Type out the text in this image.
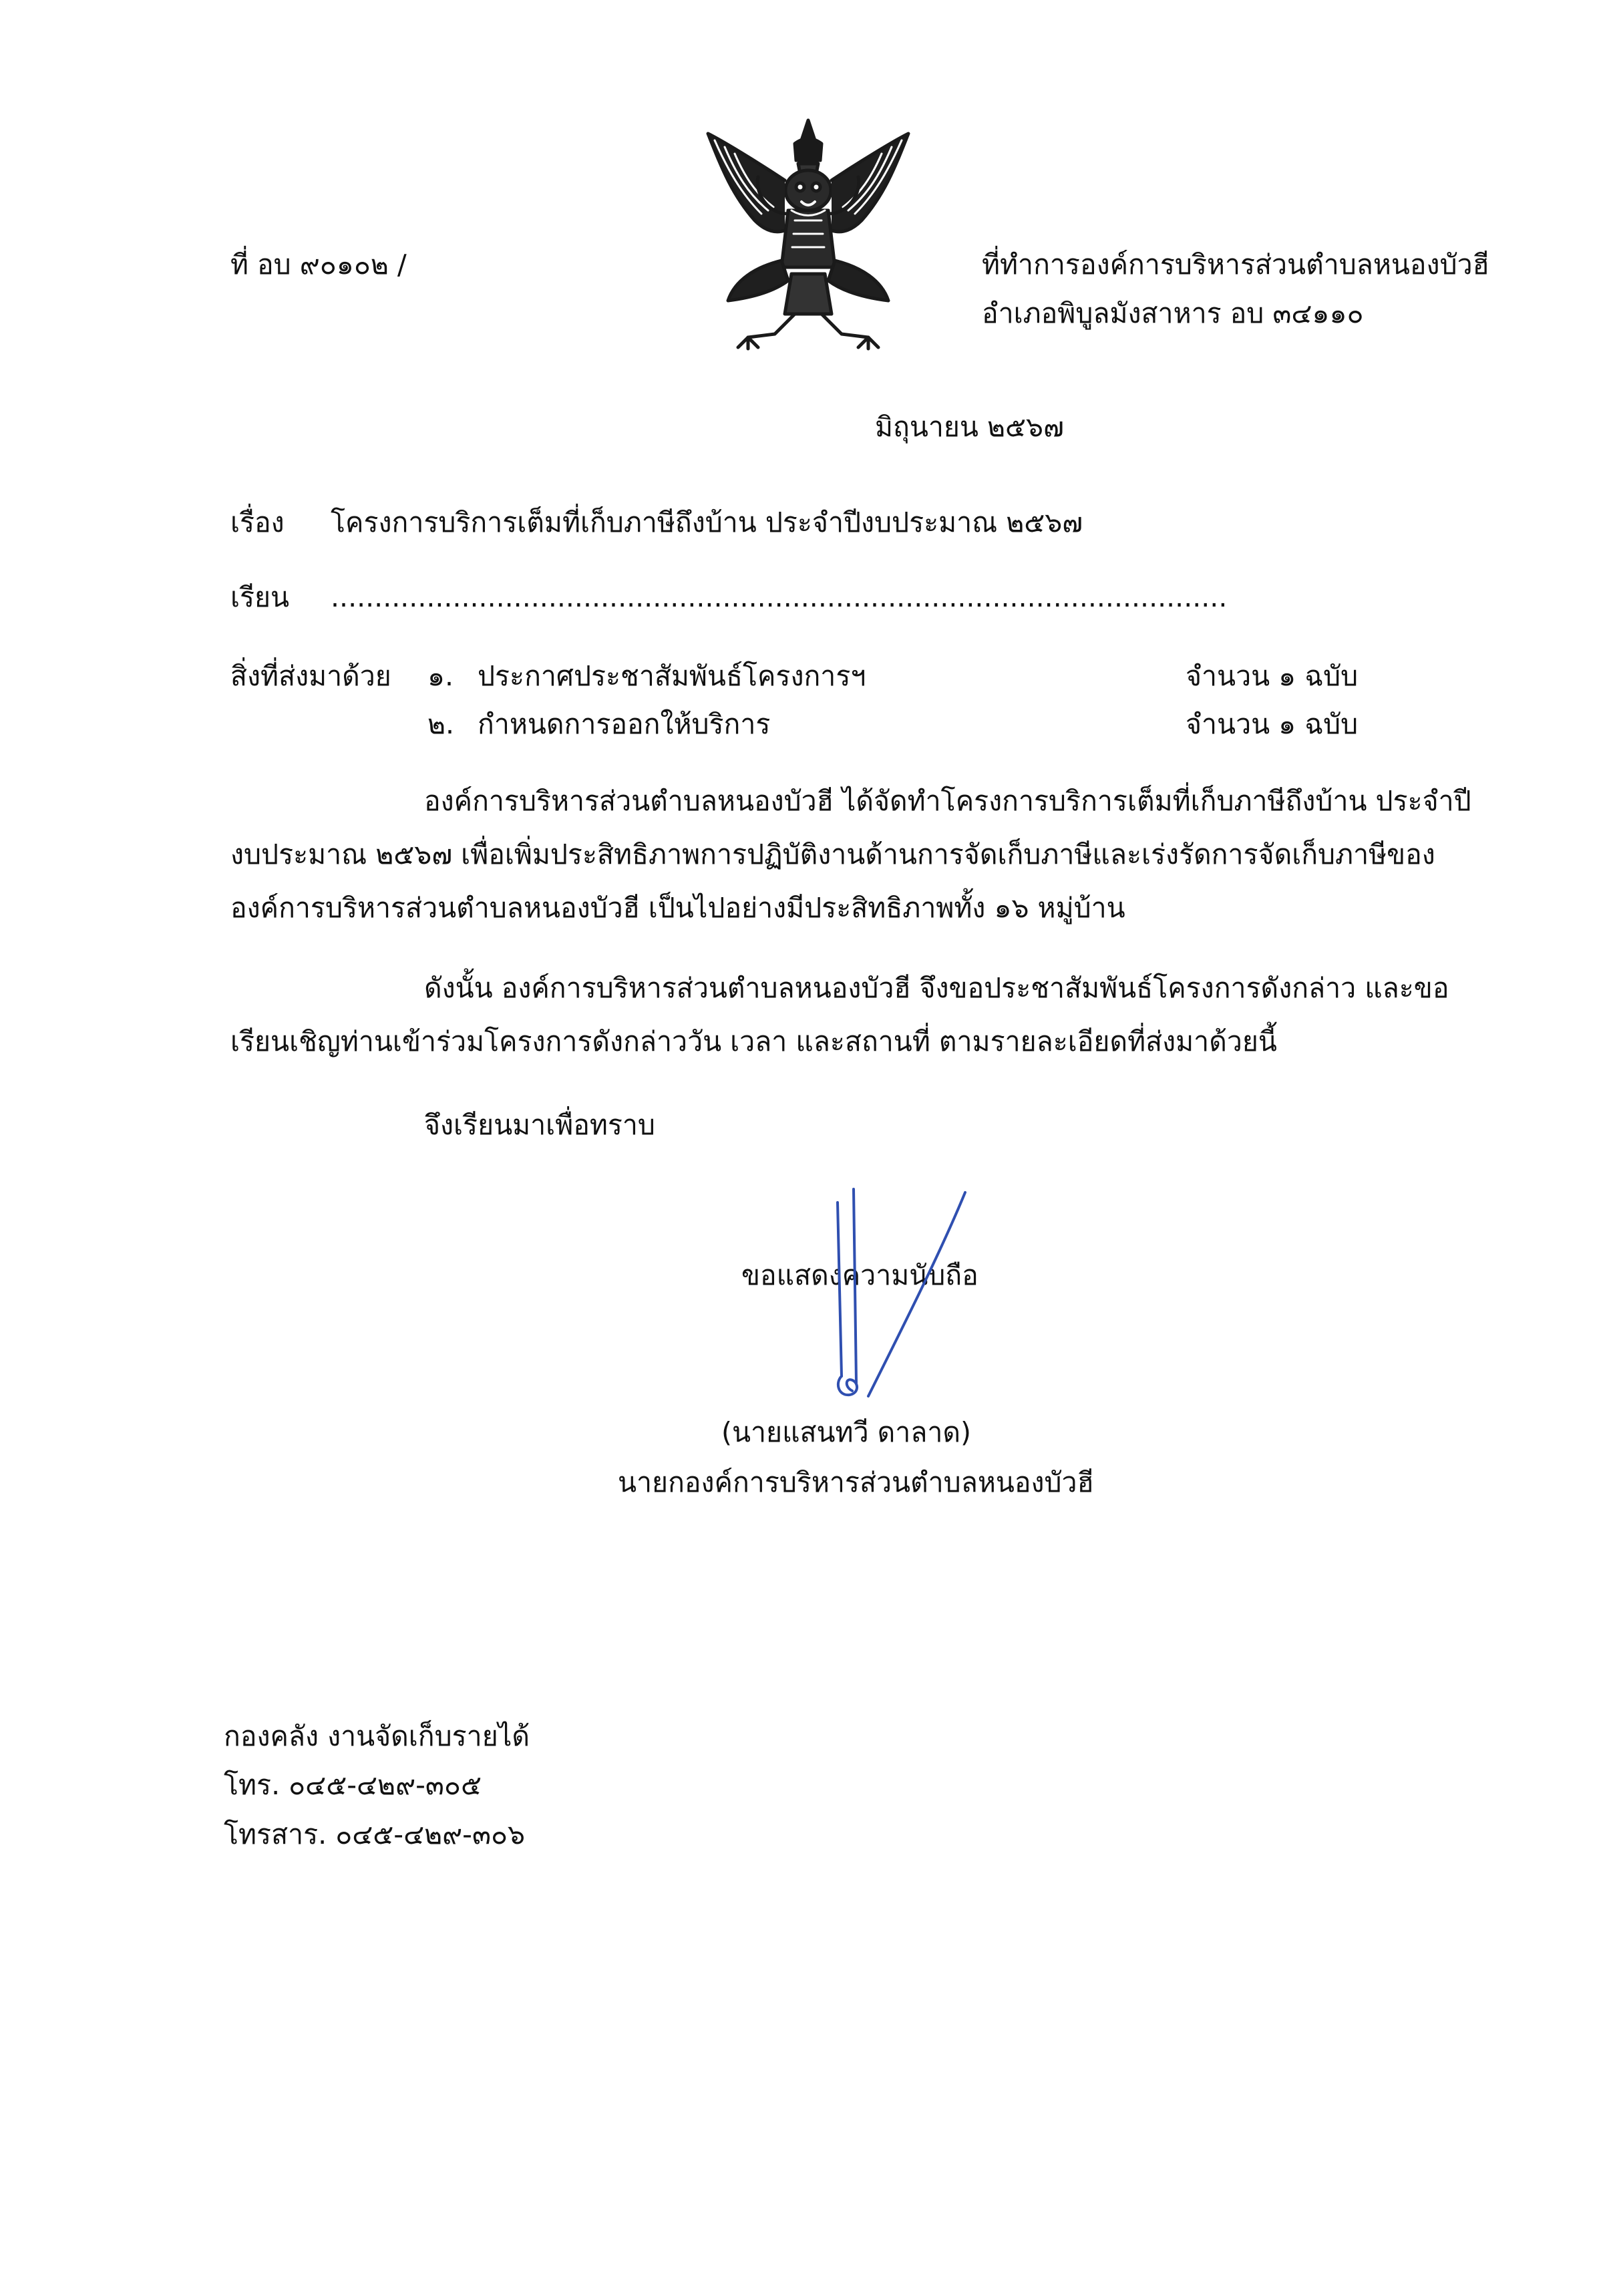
ที่ อบ ๙๐๑๐๒ /	ที่ทำการองค์การบริหารส่วนตำบลหนองบัวฮี
อำเภอพิบูลมังสาหาร อบ ๓๔๑๑๐
มิถุนายน ๒๕๖๗
เรื่อง โครงการบริการเต็มที่เก็บภาษีถึงบ้าน ประจำปีงบประมาณ ๒๕๖๗
เรียน .......................................................................................................
สิ่งที่ส่งมาด้วย ๑. ประกาศประชาสัมพันธ์โครงการฯ	จำนวน ๑ ฉบับ
๒. กำหนดการออกให้บริการ	จำนวน ๑ ฉบับ
องค์การบริหารส่วนตำบลหนองบัวฮี ได้จัดทำโครงการบริการเต็มที่เก็บภาษีถึงบ้าน ประจำปี
งบประมาณ ๒๕๖๗ เพื่อเพิ่มประสิทธิภาพการปฏิบัติงานด้านการจัดเก็บภาษีและเร่งรัดการจัดเก็บภาษีของ
องค์การบริหารส่วนตำบลหนองบัวฮี เป็นไปอย่างมีประสิทธิภาพทั้ง ๑๖ หมู่บ้าน
ดังนั้น องค์การบริหารส่วนตำบลหนองบัวฮี จึงขอประชาสัมพันธ์โครงการดังกล่าว และขอ
เรียนเชิญท่านเข้าร่วมโครงการดังกล่าววัน เวลา และสถานที่ ตามรายละเอียดที่ส่งมาด้วยนี้
จึงเรียนมาเพื่อทราบ
ขอแสดงความนับถือ
(นายแสนทวี ดาลาด)
นายกองค์การบริหารส่วนตำบลหนองบัวฮี
กองคลัง งานจัดเก็บรายได้
โทร. ๐๔๕-๔๒๙-๓๐๕
โทรสาร. ๐๔๕-๔๒๙-๓๐๖
